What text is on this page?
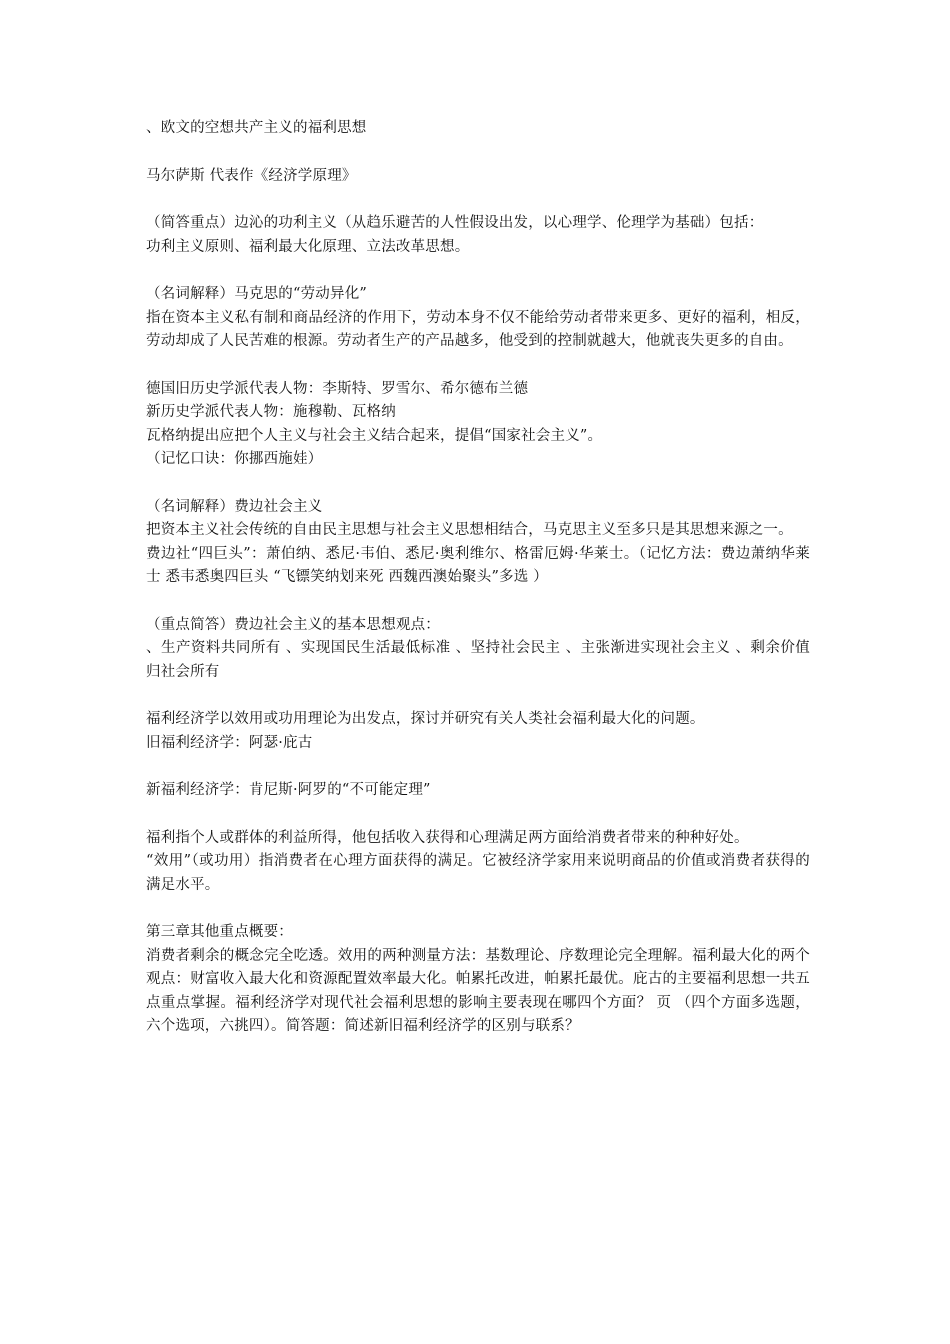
、欧文的空想共产主义的福利思想

马尔萨斯 代表作《经济学原理》

（简答重点）边沁的功利主义（从趋乐避苦的人性假设出发，以心理学、伦理学为基础）包括：

功利主义原则、福利最大化原理、立法改革思想。

（名词解释）马克思的“劳动异化”

指在资本主义私有制和商品经济的作用下，劳动本身不仅不能给劳动者带来更多、更好的福利，相反，劳动却成了人民苦难的根源。劳动者生产的产品越多，他受到的控制就越大，他就丧失更多的自由。

德国旧历史学派代表人物：李斯特、罗雪尔、希尔德布兰德

新历史学派代表人物：施穆勒、瓦格纳

瓦格纳提出应把个人主义与社会主义结合起来，提倡“国家社会主义”。

（记忆口诀：你挪西施娃）

（名词解释）费边社会主义

把资本主义社会传统的自由民主思想与社会主义思想相结合，马克思主义至多只是其思想来源之一。

费边社“四巨头”：萧伯纳、悉尼·韦伯、悉尼·奥利维尔、格雷厄姆·华莱士。（记忆方法：费边萧纳华莱士 悉韦悉奥四巨头 “飞镖笑纳划来死 西魏西澳始聚头”多选 ）

（重点简答）费边社会主义的基本思想观点：

、生产资料共同所有 、实现国民生活最低标准 、坚持社会民主 、主张渐进实现社会主义 、剩余价值归社会所有

福利经济学以效用或功用理论为出发点，探讨并研究有关人类社会福利最大化的问题。

旧福利经济学：阿瑟·庇古

新福利经济学：肯尼斯·阿罗的“不可能定理”

福利指个人或群体的利益所得，他包括收入获得和心理满足两方面给消费者带来的种种好处。

“效用”（或功用）指消费者在心理方面获得的满足。它被经济学家用来说明商品的价值或消费者获得的满足水平。

第三章其他重点概要：

消费者剩余的概念完全吃透。效用的两种测量方法：基数理论、序数理论完全理解。福利最大化的两个观点：财富收入最大化和资源配置效率最大化。帕累托改进，帕累托最优。庇古的主要福利思想一共五点重点掌握。福利经济学对现代社会福利思想的影响主要表现在哪四个方面？ 页 （四个方面多选题，六个选项，六挑四）。简答题：简述新旧福利经济学的区别与联系？
